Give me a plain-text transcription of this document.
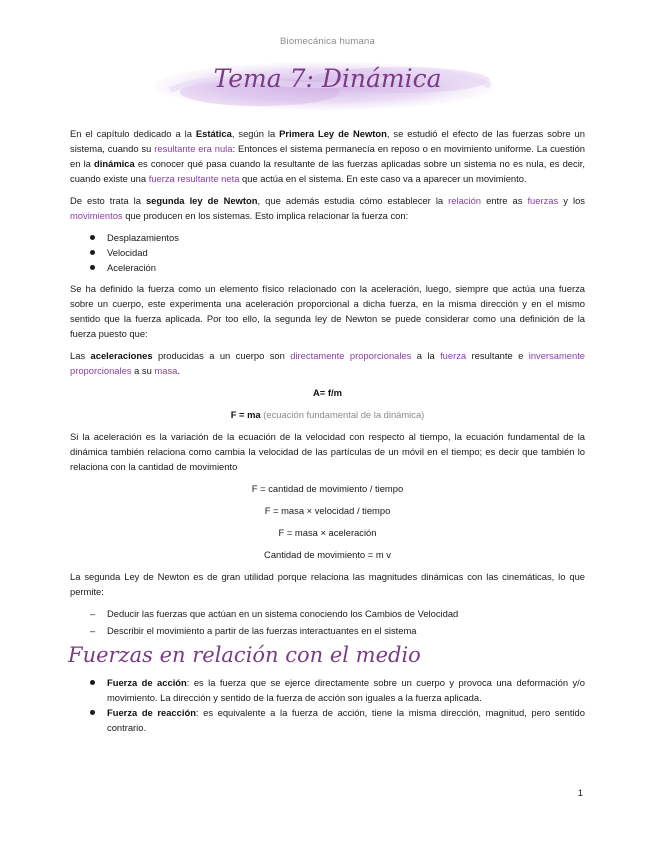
Biomecánica humana
Tema 7: Dinámica

En el capítulo dedicado a la Estática, según la Primera Ley de Newton, se estudió el efecto de las fuerzas sobre un sistema, cuando su resultante era nula: Entonces el sistema permanecía en reposo o en movimiento uniforme. La cuestión en la dinámica es conocer qué pasa cuando la resultante de las fuerzas aplicadas sobre un sistema no es nula, es decir, cuando existe una fuerza resultante neta que actúa en el sistema. En este caso va a aparecer un movimiento.

De esto trata la segunda ley de Newton, que además estudia cómo establecer la relación entre as fuerzas y los movimientos que producen en los sistemas. Esto implica relacionar la fuerza con:

Desplazamientos
Velocidad
Aceleración

Se ha definido la fuerza como un elemento físico relacionado con la aceleración, luego, siempre que actúa una fuerza sobre un cuerpo, este experimenta una aceleración proporcional a dicha fuerza, en la misma dirección y en el mismo sentido que la fuerza aplicada. Por too ello, la segunda ley de Newton se puede considerar como una definición de la fuerza puesto que:

Las aceleraciones producidas a un cuerpo son directamente proporcionales a la fuerza resultante e inversamente proporcionales a su masa.

A= f/m

F = ma (ecuación fundamental de la dinámica)

Si la aceleración es la variación de la ecuación de la velocidad con respecto al tiempo, la ecuación fundamental de la dinámica también relaciona como cambia la velocidad de las partículas de un móvil en el tiempo; es decir que también lo relaciona con la cantidad de movimiento

F = cantidad de movimiento / tiempo

F = masa × velocidad / tiempo

F = masa × aceleración

Cantidad de movimiento = m v

La segunda Ley de Newton es de gran utilidad porque relaciona las magnitudes dinámicas con las cinemáticas, lo que permite:

– Deducir las fuerzas que actúan en un sistema conociendo los Cambios de Velocidad
– Describir el movimiento a partir de las fuerzas interactuantes en el sistema
Fuerzas en relación con el medio
Fuerza de acción: es la fuerza que se ejerce directamente sobre un cuerpo y provoca una deformación y/o movimiento. La dirección y sentido de la fuerza de acción son iguales a la fuerza aplicada.
Fuerza de reacción: es equivalente a la fuerza de acción, tiene la misma dirección, magnitud, pero sentido contrario.
1
